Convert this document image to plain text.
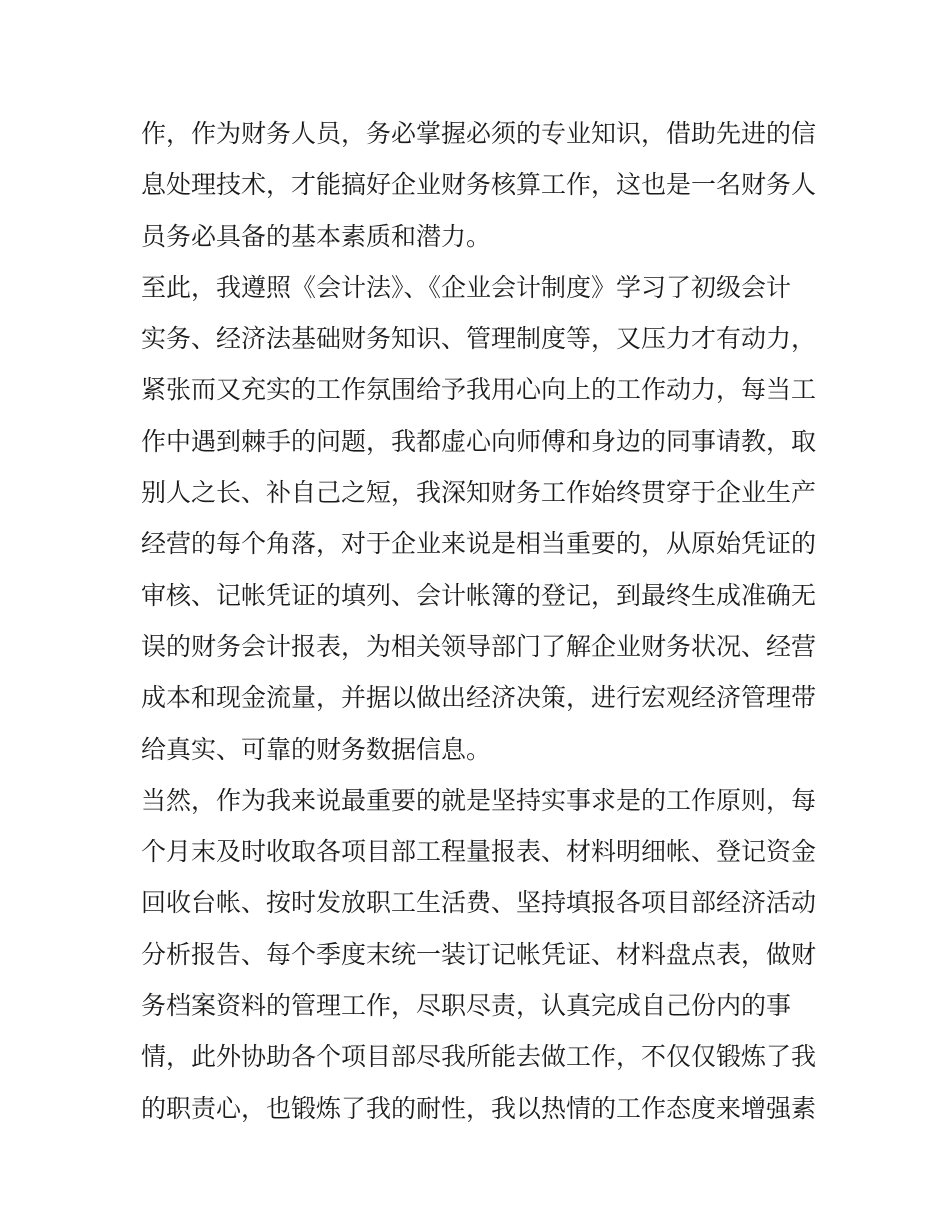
作，作为财务人员，务必掌握必须的专业知识，借助先进的信
息处理技术，才能搞好企业财务核算工作，这也是一名财务人
员务必具备的基本素质和潜力。
至此，我遵照《会计法》、《企业会计制度》学习了初级会计
实务、经济法基础财务知识、管理制度等，又压力才有动力，
紧张而又充实的工作氛围给予我用心向上的工作动力，每当工
作中遇到棘手的问题，我都虚心向师傅和身边的同事请教，取
别人之长、补自己之短，我深知财务工作始终贯穿于企业生产
经营的每个角落，对于企业来说是相当重要的，从原始凭证的
审核、记帐凭证的填列、会计帐簿的登记，到最终生成准确无
误的财务会计报表，为相关领导部门了解企业财务状况、经营
成本和现金流量，并据以做出经济决策，进行宏观经济管理带
给真实、可靠的财务数据信息。
当然，作为我来说最重要的就是坚持实事求是的工作原则，每
个月末及时收取各项目部工程量报表、材料明细帐、登记资金
回收台帐、按时发放职工生活费、坚持填报各项目部经济活动
分析报告、每个季度末统一装订记帐凭证、材料盘点表，做财
务档案资料的管理工作，尽职尽责，认真完成自己份内的事
情，此外协助各个项目部尽我所能去做工作，不仅仅锻炼了我
的职责心，也锻炼了我的耐性，我以热情的工作态度来增强素
